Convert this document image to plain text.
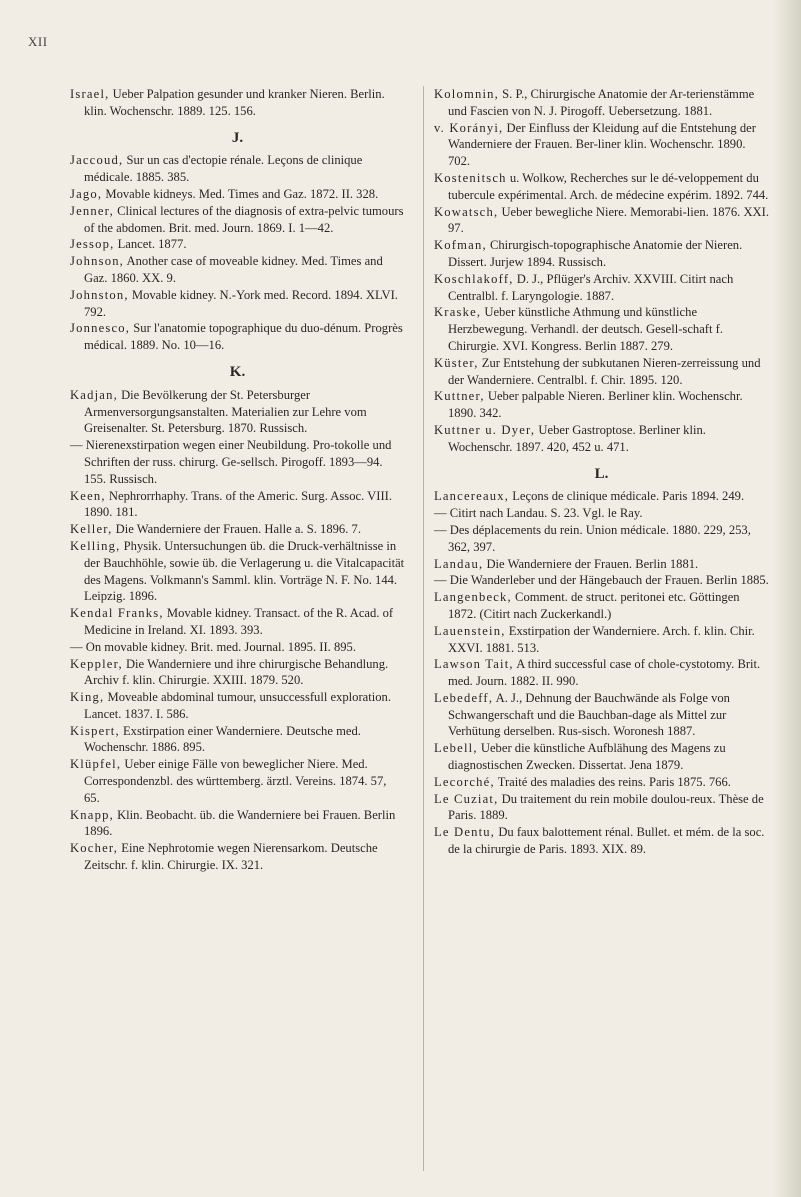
XII

Israel, Ueber Palpation gesunder und kranker Nieren. Berlin. klin. Wochenschr. 1889. 125. 156.

J.

Jaccoud, Sur un cas d'ectopie rénale. Leçons de clinique médicale. 1885. 385.

Jago, Movable kidneys. Med. Times and Gaz. 1872. II. 328.

Jenner, Clinical lectures of the diagnosis of extra-pelvic tumours of the abdomen. Brit. med. Journ. 1869. I. 1—42.

Jessop, Lancet. 1877.

Johnson, Another case of moveable kidney. Med. Times and Gaz. 1860. XX. 9.

Johnston, Movable kidney. N.-York med. Record. 1894. XLVI. 792.

Jonnesco, Sur l'anatomie topographique du duo-dénum. Progrès médical. 1889. No. 10—16.

K.

Kadjan, Die Bevölkerung der St. Petersburger Armenversorgungsanstalten. Materialien zur Lehre vom Greisenalter. St. Petersburg. 1870. Russisch.

— Nierenexstirpation wegen einer Neubildung. Pro-tokolle und Schriften der russ. chirurg. Ge-sellsch. Pirogoff. 1893—94. 155. Russisch.

Keen, Nephrorrhaphy. Trans. of the Americ. Surg. Assoc. VIII. 1890. 181.

Keller, Die Wanderniere der Frauen. Halle a. S. 1896. 7.

Kelling, Physik. Untersuchungen üb. die Druck-verhältnisse in der Bauchhöhle, sowie üb. die Verlagerung u. die Vitalcapacität des Magens. Volkmann's Samml. klin. Vorträge N. F. No. 144. Leipzig. 1896.

Kendal Franks, Movable kidney. Transact. of the R. Acad. of Medicine in Ireland. XI. 1893. 393.

— On movable kidney. Brit. med. Journal. 1895. II. 895.

Keppler, Die Wanderniere und ihre chirurgische Behandlung. Archiv f. klin. Chirurgie. XXIII. 1879. 520.

King, Moveable abdominal tumour, unsuccessfull exploration. Lancet. 1837. I. 586.

Kispert, Exstirpation einer Wanderniere. Deutsche med. Wochenschr. 1886. 895.

Klüpfel, Ueber einige Fälle von beweglicher Niere. Med. Correspondenzbl. des württemberg. ärztl. Vereins. 1874. 57, 65.

Knapp, Klin. Beobacht. üb. die Wanderniere bei Frauen. Berlin 1896.

Kocher, Eine Nephrotomie wegen Nierensarkom. Deutsche Zeitschr. f. klin. Chirurgie. IX. 321.

Kolomnin, S. P., Chirurgische Anatomie der Ar-terienstämme und Fascien von N. J. Pirogoff. Uebersetzung. 1881.

v. Korányi, Der Einfluss der Kleidung auf die Entstehung der Wanderniere der Frauen. Ber-liner klin. Wochenschr. 1890. 702.

Kostenitsch u. Wolkow, Recherches sur le dé-veloppement du tubercule expérimental. Arch. de médecine expérim. 1892. 744.

Kowatsch, Ueber bewegliche Niere. Memorabi-lien. 1876. XXI. 97.

Kofman, Chirurgisch-topographische Anatomie der Nieren. Dissert. Jurjew 1894. Russisch.

Koschlakoff, D. J., Pflüger's Archiv. XXVIII. Citirt nach Centralbl. f. Laryngologie. 1887.

Kraske, Ueber künstliche Athmung und künstliche Herzbewegung. Verhandl. der deutsch. Gesell-schaft f. Chirurgie. XVI. Kongress. Berlin 1887. 279.

Küster, Zur Entstehung der subkutanen Nieren-zerreissung und der Wanderniere. Centralbl. f. Chir. 1895. 120.

Kuttner, Ueber palpable Nieren. Berliner klin. Wochenschr. 1890. 342.

Kuttner u. Dyer, Ueber Gastroptose. Berliner klin. Wochenschr. 1897. 420, 452 u. 471.

L.

Lancereaux, Leçons de clinique médicale. Paris 1894. 249.

— Citirt nach Landau. S. 23. Vgl. le Ray.

— Des déplacements du rein. Union médicale. 1880. 229, 253, 362, 397.

Landau, Die Wanderniere der Frauen. Berlin 1881.

— Die Wanderleber und der Hängebauch der Frauen. Berlin 1885.

Langenbeck, Comment. de struct. peritonei etc. Göttingen 1872. (Citirt nach Zuckerkandl.)

Lauenstein, Exstirpation der Wanderniere. Arch. f. klin. Chir. XXVI. 1881. 513.

Lawson Tait, A third successful case of chole-cystotomy. Brit. med. Journ. 1882. II. 990.

Lebedeff, A. J., Dehnung der Bauchwände als Folge von Schwangerschaft und die Bauchban-dage als Mittel zur Verhütung derselben. Rus-sisch. Woronesh 1887.

Lebell, Ueber die künstliche Aufblähung des Magens zu diagnostischen Zwecken. Dissertat. Jena 1879.

Lecorché, Traité des maladies des reins. Paris 1875. 766.

Le Cuziat, Du traitement du rein mobile doulou-reux. Thèse de Paris. 1889.

Le Dentu, Du faux balottement rénal. Bullet. et mém. de la soc. de la chirurgie de Paris. 1893. XIX. 89.
